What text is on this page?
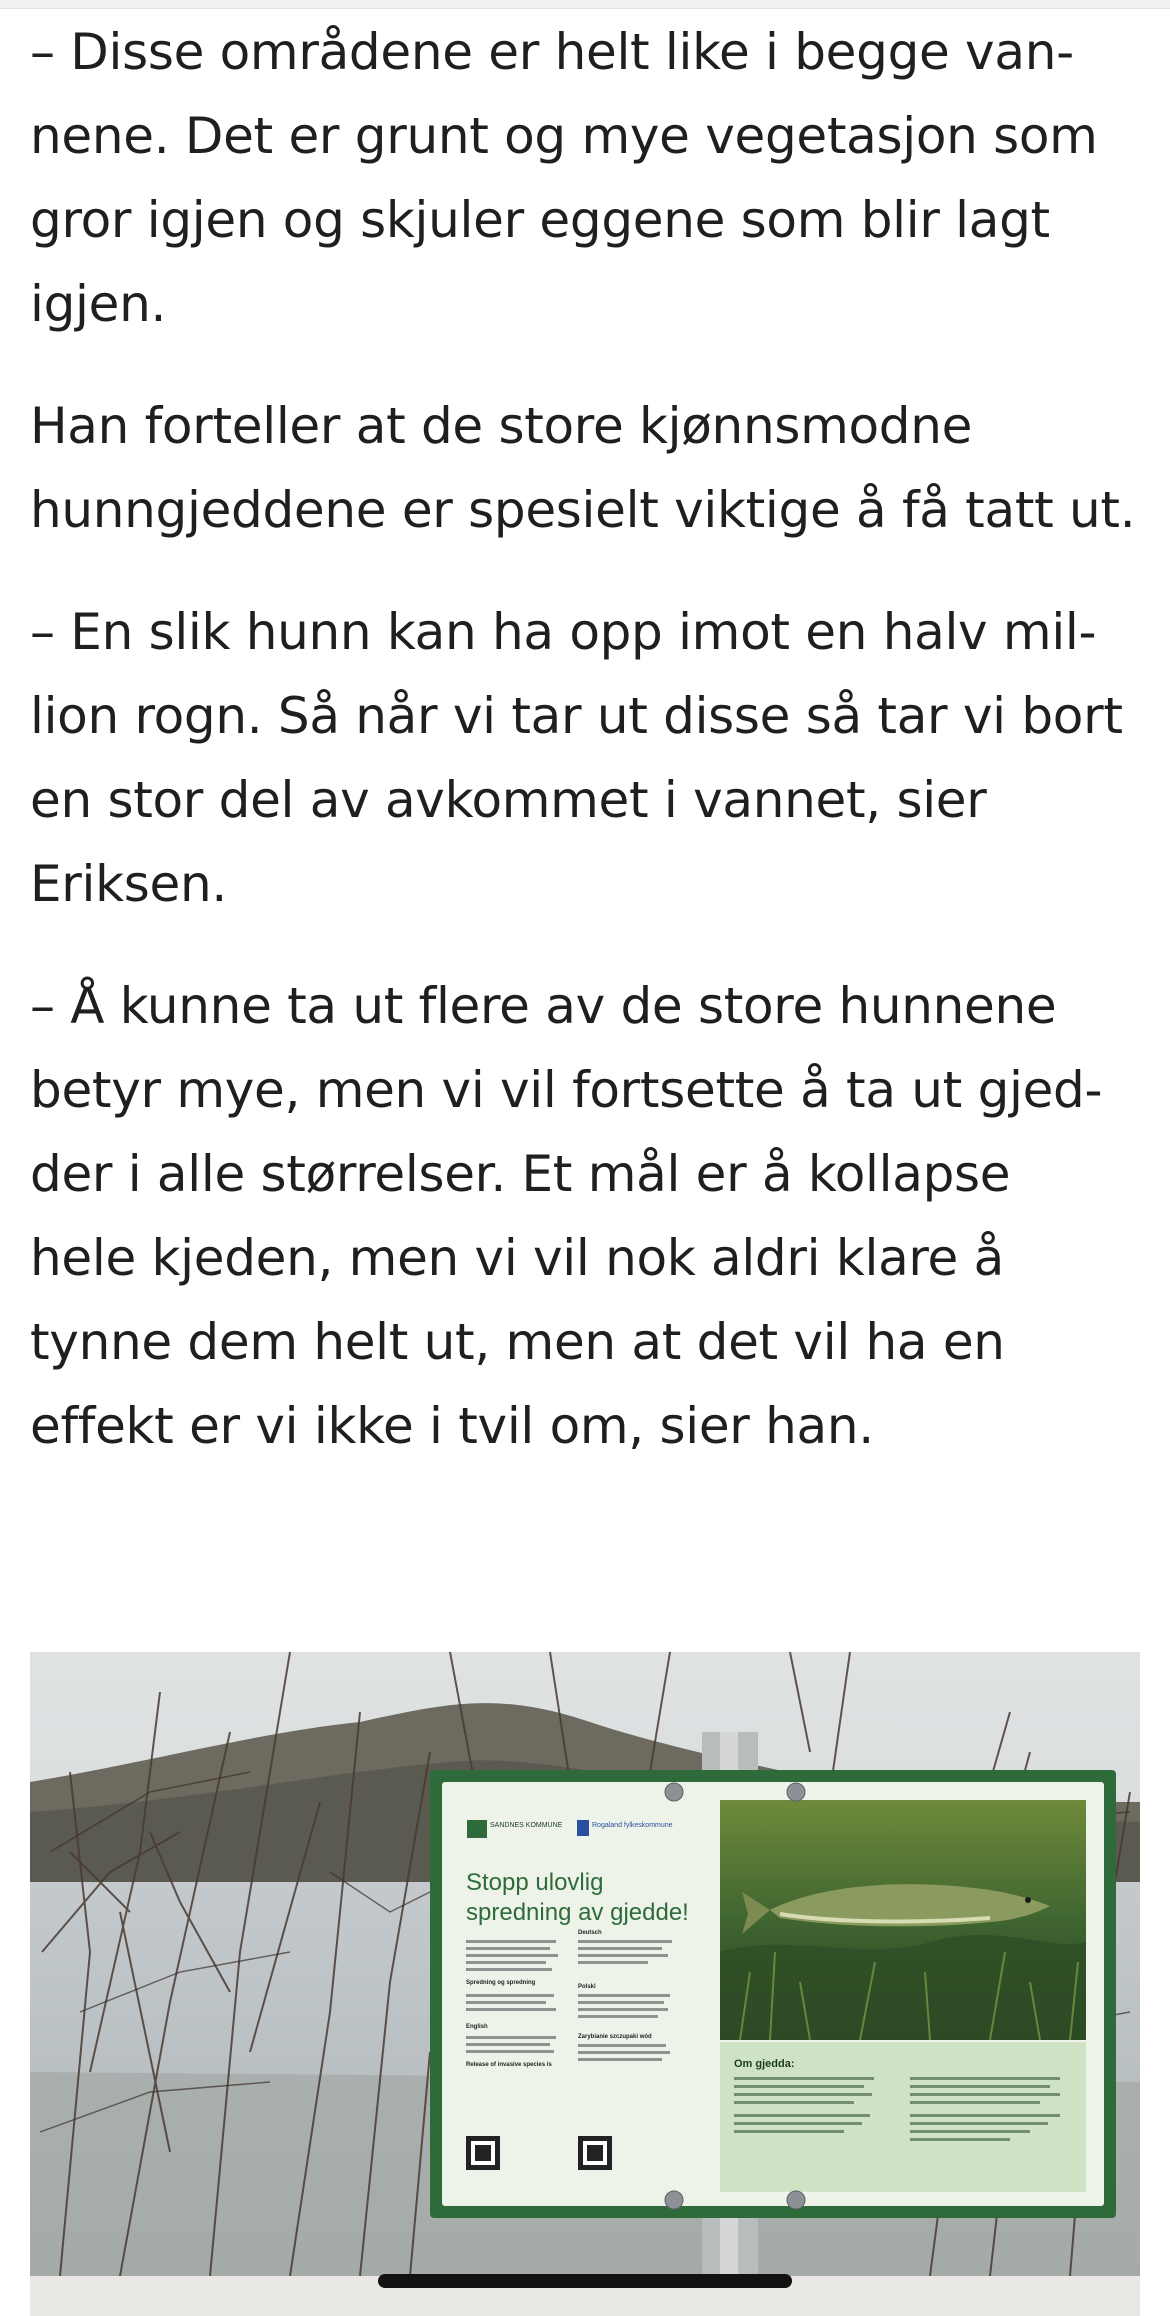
– Disse områdene er helt like i begge van-
nene. Det er grunt og mye vegetasjon som
gror igjen og skjuler eggene som blir lagt
igjen.

Han forteller at de store kjønnsmodne
hunngjeddene er spesielt viktige å få tatt ut.

– En slik hunn kan ha opp imot en halv mil-
lion rogn. Så når vi tar ut disse så tar vi bort
en stor del av avkommet i vannet, sier
Eriksen.

– Å kunne ta ut flere av de store hunnene
betyr mye, men vi vil fortsette å ta ut gjed-
der i alle størrelser. Et mål er å kollapse
hele kjeden, men vi vil nok aldri klare å
tynne dem helt ut, men at det vil ha en
effekt er vi ikke i tvil om, sier han.

Om gjedda:
SANDNES KOMMUNE	Rogaland fylkeskommune
Stopp ulovlig
spredning av gjedde!
Spredning og spredning
English
Release of invasive species is
Deutsch
Polski
Zarybianie szczupaki wód
